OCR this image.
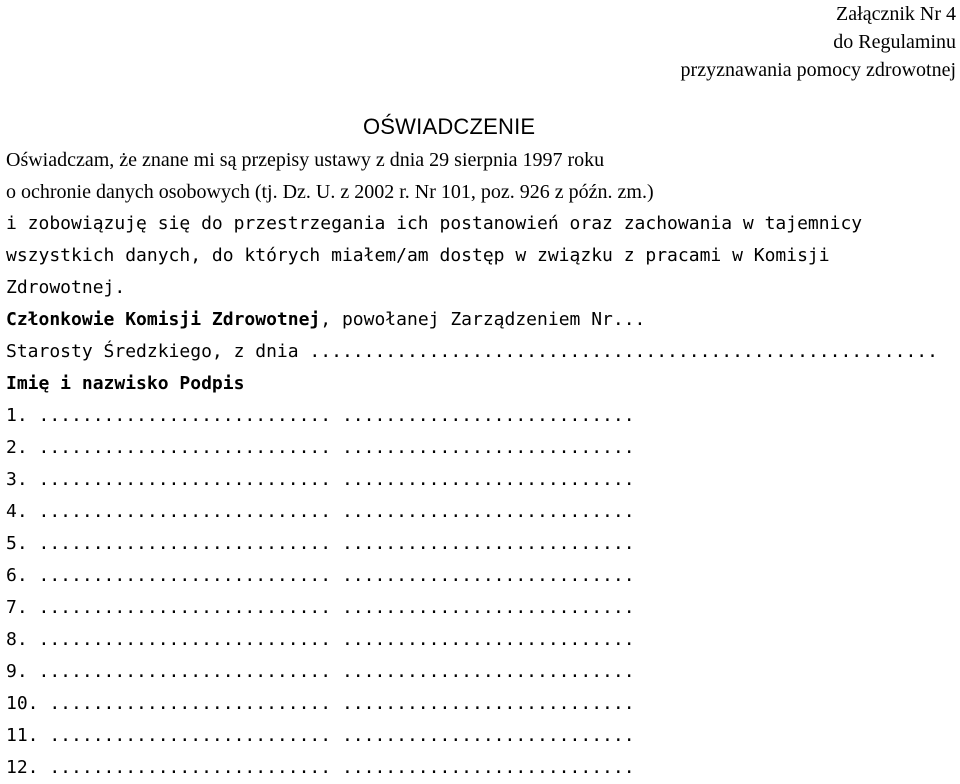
Załącznik Nr 4
do Regulaminu
przyznawania pomocy zdrowotnej
OŚWIADCZENIE
Oświadczam, że znane mi są przepisy ustawy z dnia 29 sierpnia 1997 roku
o ochronie danych osobowych (tj. Dz. U. z 2002 r. Nr 101, poz. 926 z późn. zm.)
i zobowiązuję się do przestrzegania ich postanowień oraz zachowania w tajemnicy
wszystkich danych, do których miałem/am dostęp w związku z pracami w Komisji
Zdrowotnej.
Członkowie Komisji Zdrowotnej, powołanej Zarządzeniem Nr...
Starosty Średzkiego, z dnia ..........................................................
Imię i nazwisko Podpis
1. ........................... ...........................
2. ........................... ...........................
3. ........................... ...........................
4. ........................... ...........................
5. ........................... ...........................
6. ........................... ...........................
7. ........................... ...........................
8. ........................... ...........................
9. ........................... ...........................
10. .......................... ...........................
11. .......................... ...........................
12. .......................... ...........................
